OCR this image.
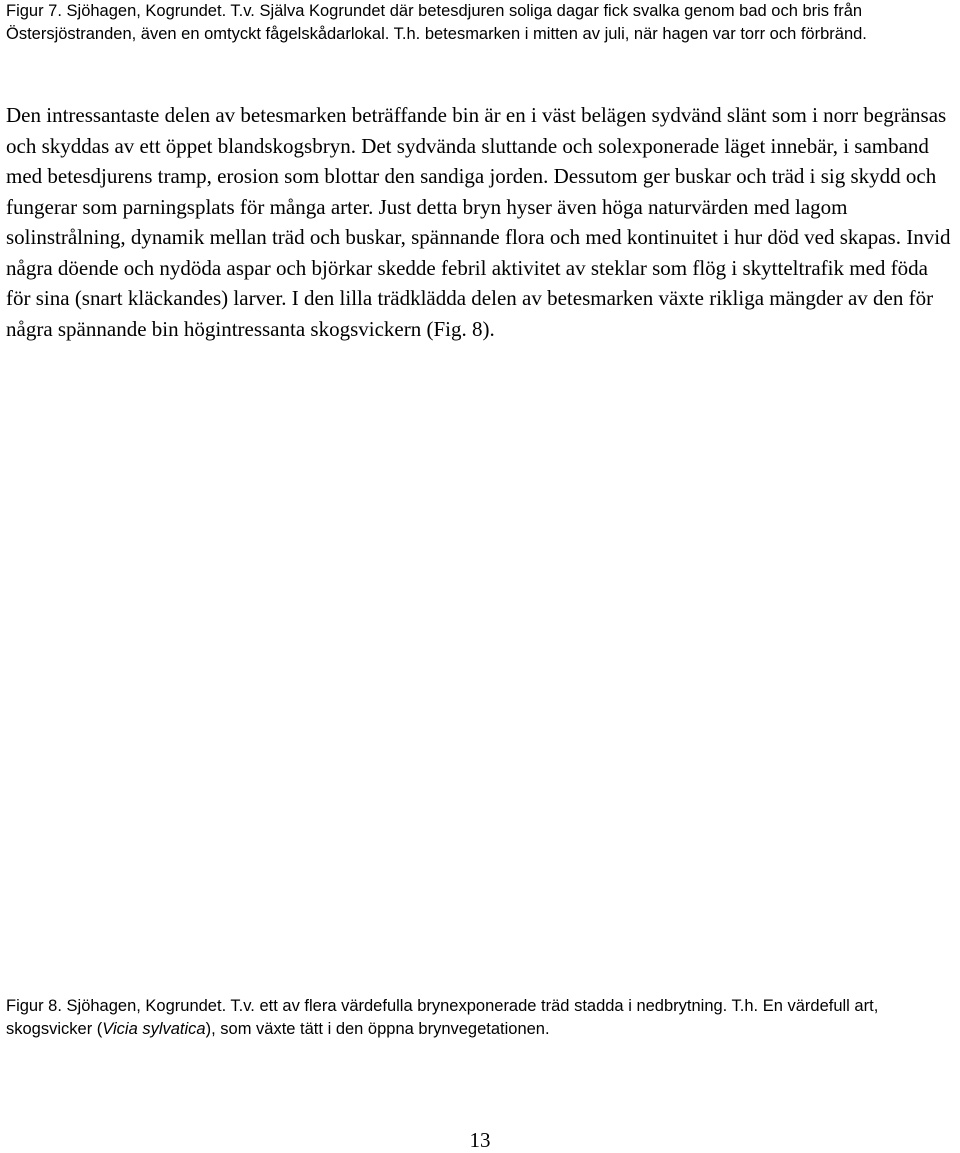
Figur 7. Sjöhagen, Kogrundet. T.v. Själva Kogrundet där betesdjuren soliga dagar fick svalka genom bad och bris från Östersjöstranden, även en omtyckt fågelskådarlokal. T.h. betesmarken i mitten av juli, när hagen var torr och förbränd.

Den intressantaste delen av betesmarken beträffande bin är en i väst belägen sydvänd slänt som i norr begränsas och skyddas av ett öppet blandskogsbryn. Det sydvända sluttande och solexponerade läget innebär, i samband med betesdjurens tramp, erosion som blottar den sandiga jorden. Dessutom ger buskar och träd i sig skydd och fungerar som parningsplats för många arter. Just detta bryn hyser även höga naturvärden med lagom solinstrålning, dynamik mellan träd och buskar, spännande flora och med kontinuitet i hur död ved skapas. Invid några döende och nydöda aspar och björkar skedde febril aktivitet av steklar som flög i skytteltrafik med föda för sina (snart kläckandes) larver. I den lilla trädklädda delen av betesmarken växte rikliga mängder av den för några spännande bin högintressanta skogsvickern (Fig. 8).

Figur 8. Sjöhagen, Kogrundet. T.v. ett av flera värdefulla brynexponerade träd stadda i nedbrytning. T.h. En värdefull art, skogsvicker (Vicia sylvatica), som växte tätt i den öppna brynvegetationen.

13
